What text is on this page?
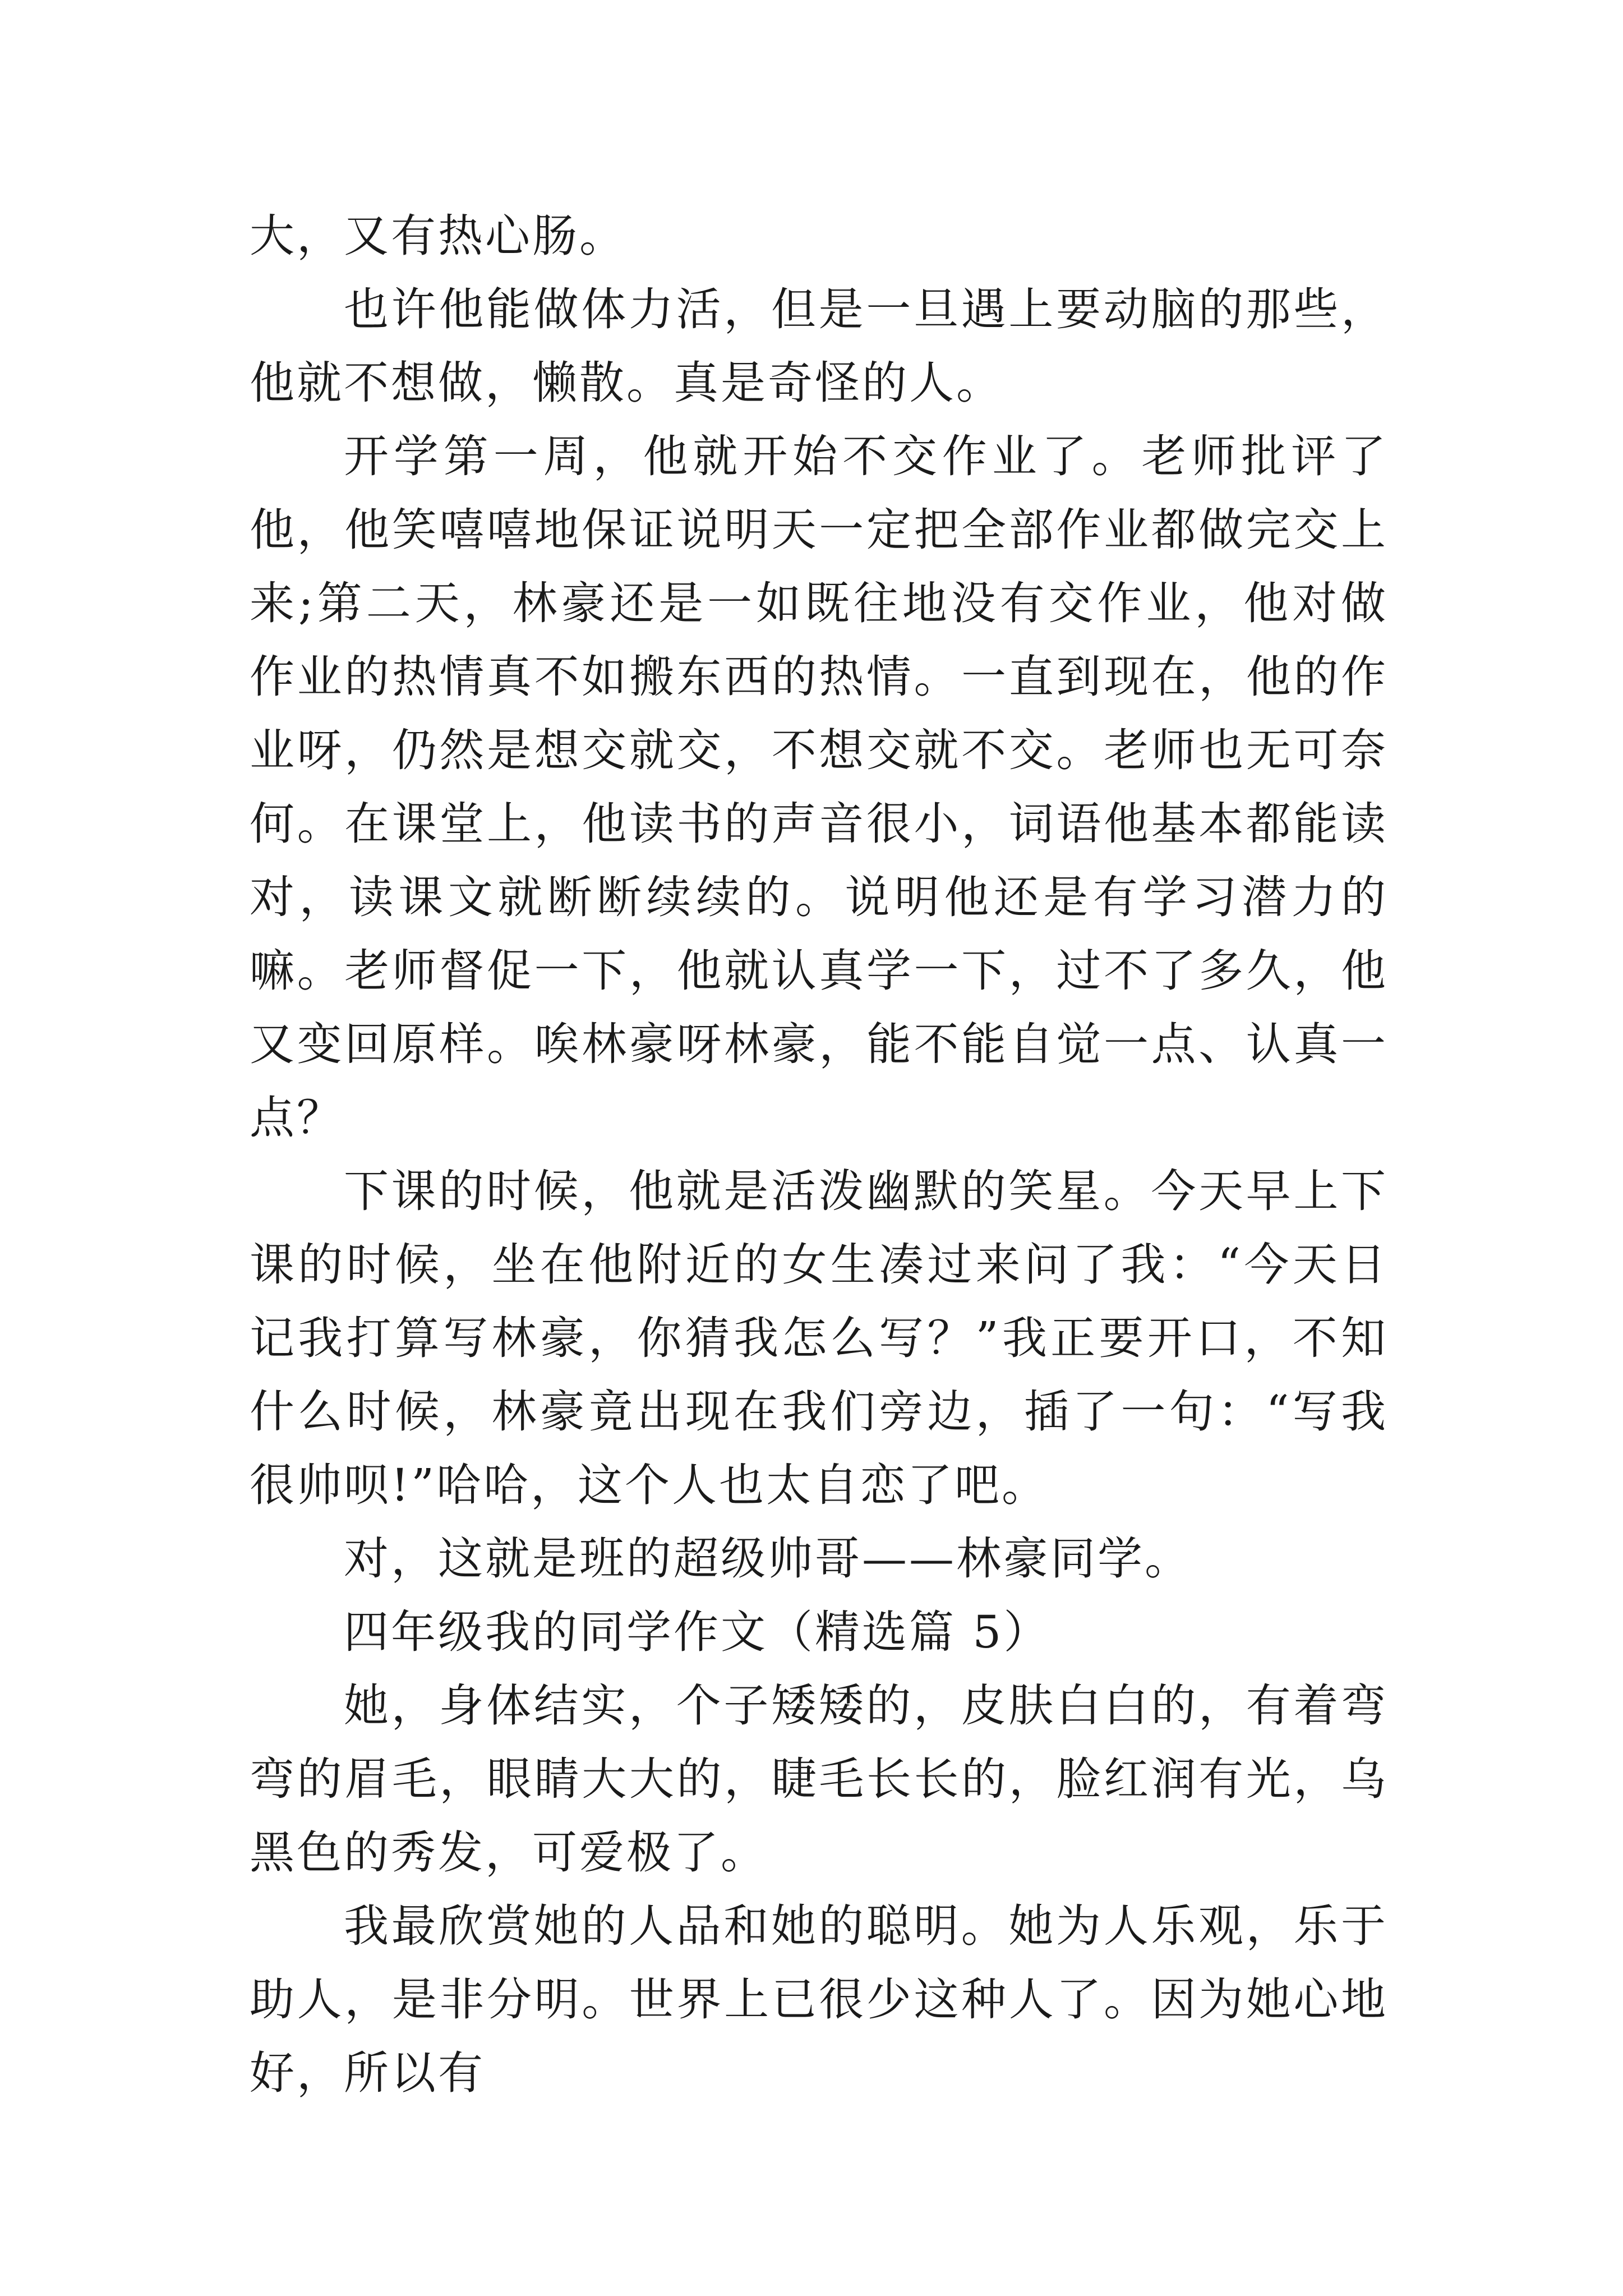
大，又有热心肠。

也许他能做体力活，但是一旦遇上要动脑的那些，他就不想做，懒散。真是奇怪的人。

开学第一周，他就开始不交作业了。老师批评了他，他笑嘻嘻地保证说明天一定把全部作业都做完交上来;第二天，林豪还是一如既往地没有交作业，他对做作业的热情真不如搬东西的热情。一直到现在，他的作业呀，仍然是想交就交，不想交就不交。老师也无可奈何。在课堂上，他读书的声音很小，词语他基本都能读对，读课文就断断续续的。说明他还是有学习潜力的嘛。老师督促一下，他就认真学一下，过不了多久，他又变回原样。唉林豪呀林豪，能不能自觉一点、认真一点？

下课的时候，他就是活泼幽默的笑星。今天早上下课的时候，坐在他附近的女生凑过来问了我：“今天日记我打算写林豪，你猜我怎么写？”我正要开口，不知什么时候，林豪竟出现在我们旁边，插了一句：“写我很帅呗!”哈哈，这个人也太自恋了吧。

对，这就是班的超级帅哥——林豪同学。

四年级我的同学作文（精选篇 5）

她，身体结实，个子矮矮的，皮肤白白的，有着弯弯的眉毛，眼睛大大的，睫毛长长的，脸红润有光，乌黑色的秀发，可爱极了。

我最欣赏她的人品和她的聪明。她为人乐观，乐于助人，是非分明。世界上已很少这种人了。因为她心地好，所以有
